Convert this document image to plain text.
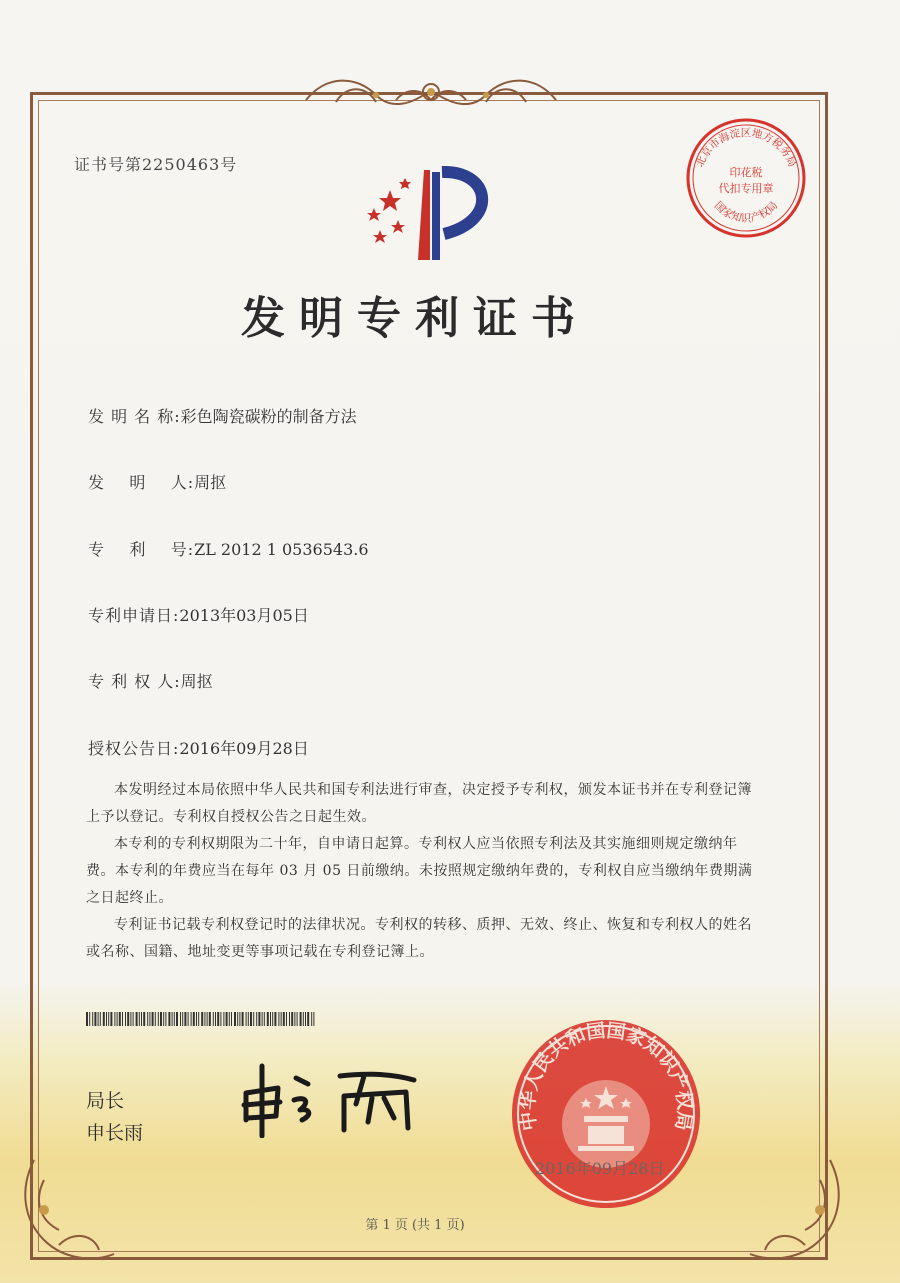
证书号第2250463号
发明专利证书
发 明 名 称:彩色陶瓷碳粉的制备方法
发    明    人:周抠
专    利    号:ZL 2012 1 0536543.6
专利申请日:2013年03月05日
专 利 权 人:周抠
授权公告日:2016年09月28日
本发明经过本局依照中华人民共和国专利法进行审查，决定授予专利权，颁发本证书并在专利登记簿上予以登记。专利权自授权公告之日起生效。
本专利的专利权期限为二十年，自申请日起算。专利权人应当依照专利法及其实施细则规定缴纳年费。本专利的年费应当在每年 03 月 05 日前缴纳。未按照规定缴纳年费的，专利权自应当缴纳年费期满之日起终止。
专利证书记载专利权登记时的法律状况。专利权的转移、质押、无效、终止、恢复和专利权人的姓名或名称、国籍、地址变更等事项记载在专利登记簿上。
局长
申长雨
中华人民共和国国家知识产权局
2016年09月28日
北京市海淀区地方税务局
国家知识产权局
印花税
代扣专用章
第 1 页 (共 1 页)
